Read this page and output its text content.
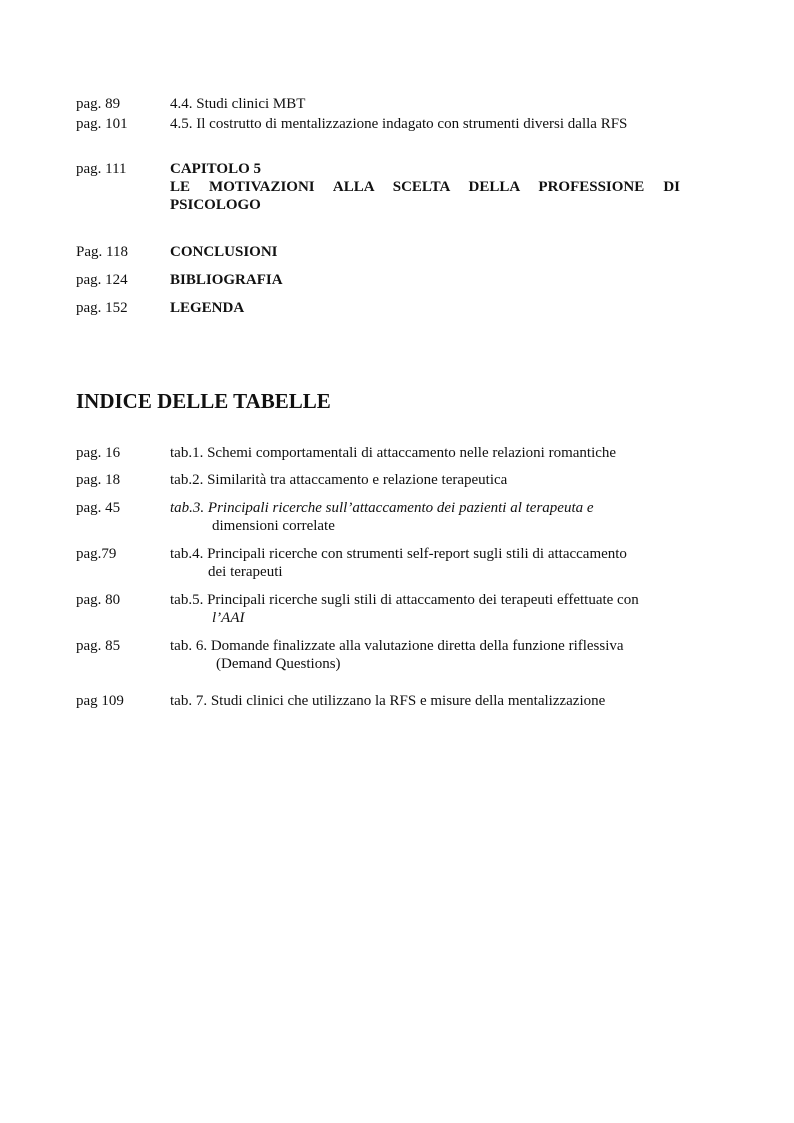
pag. 89	4.4. Studi clinici MBT
pag. 101	4.5. Il costrutto di mentalizzazione indagato con strumenti diversi dalla RFS
pag. 111	CAPITOLO 5
LE MOTIVAZIONI ALLA SCELTA DELLA PROFESSIONE DI
PSICOLOGO
Pag. 118	CONCLUSIONI
pag. 124	BIBLIOGRAFIA
pag. 152	LEGENDA
INDICE DELLE TABELLE
pag. 16	tab.1. Schemi comportamentali di attaccamento nelle relazioni romantiche
pag. 18	tab.2. Similarità tra attaccamento e relazione terapeutica
pag. 45	tab.3. Principali ricerche sull’attaccamento dei pazienti al terapeuta e
dimensioni correlate
pag.79	tab.4. Principali ricerche con strumenti self-report sugli stili di attaccamento
dei terapeuti
pag. 80	tab.5. Principali ricerche sugli stili di attaccamento dei terapeuti effettuate con
l’AAI
pag. 85	tab. 6. Domande finalizzate alla valutazione diretta della funzione riflessiva
(Demand Questions)
pag 109	tab. 7. Studi clinici che utilizzano la RFS e misure della mentalizzazione
